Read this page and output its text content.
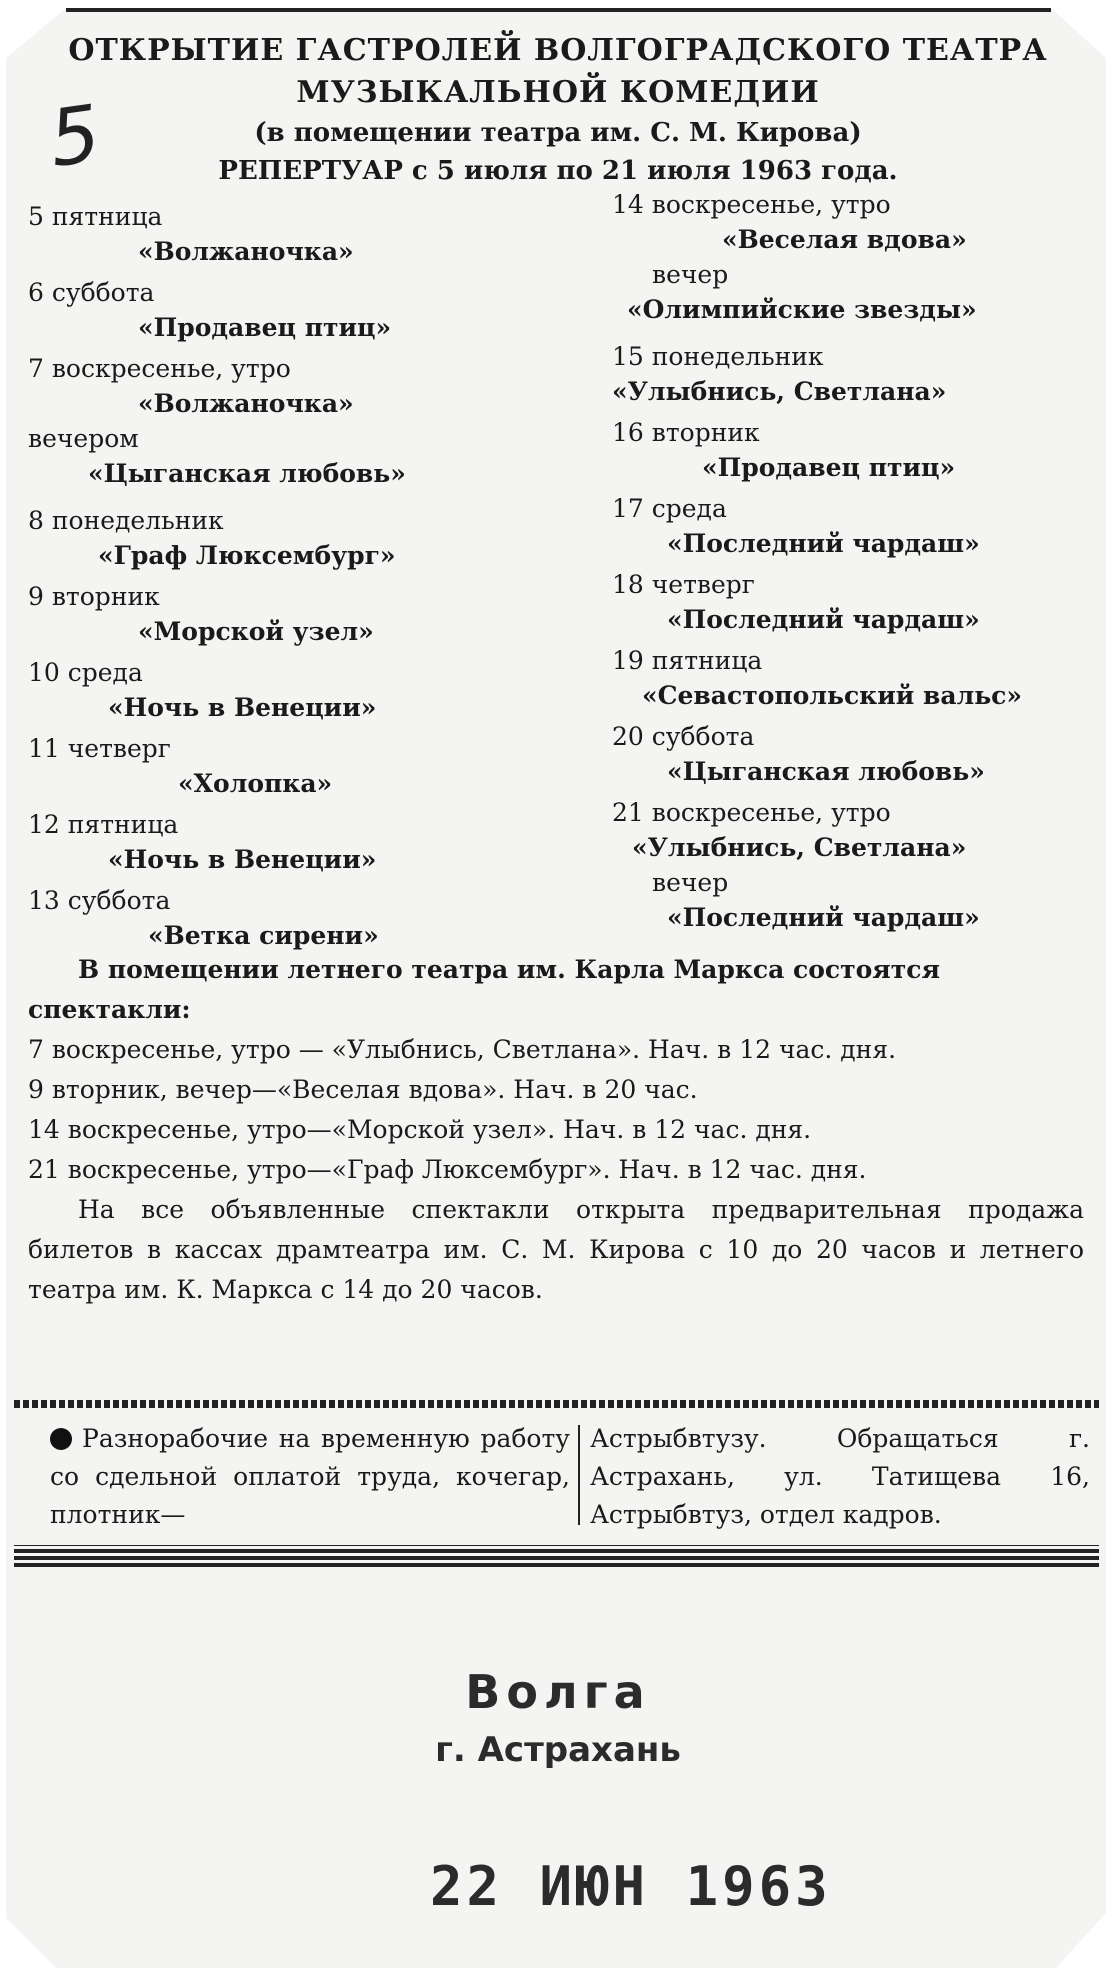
5
ОТКРЫТИЕ ГАСТРОЛЕЙ ВОЛГОГРАДСКОГО ТЕАТРА
МУЗЫКАЛЬНОЙ КОМЕДИИ
(в помещении театра им. С. М. Кирова)
РЕПЕРТУАР с 5 июля по 21 июля 1963 года.
5 пятница
«Волжаночка»
6 суббота
«Продавец птиц»
7 воскресенье, утро
«Волжаночка»
вечером
«Цыганская любовь»
8 понедельник
«Граф Люксембург»
9 вторник
«Морской узел»
10 среда
«Ночь в Венеции»
11 четверг
«Холопка»
12 пятница
«Ночь в Венеции»
13 суббота
«Ветка сирени»
14 воскресенье, утро
«Веселая вдова»
вечер
«Олимпийские звезды»
15 понедельник
«Улыбнись, Светлана»
16 вторник
«Продавец птиц»
17 среда
«Последний чардаш»
18 четверг
«Последний чардаш»
19 пятница
«Севастопольский вальс»
20 суббота
«Цыганская любовь»
21 воскресенье, утро
«Улыбнись, Светлана»
вечер
«Последний чардаш»

В помещении летнего театра им. Карла Маркса состоятся спектакли:

7 воскресенье, утро — «Улыбнись, Светлана». Нач. в 12 час. дня.

9 вторник, вечер—«Веселая вдова». Нач. в 20 час.

14 воскресенье, утро—«Морской узел». Нач. в 12 час. дня.

21 воскресенье, утро—«Граф Люксембург». Нач. в 12 час. дня.

На все объявленные спектакли открыта предварительная продажа билетов в кассах драмтеатра им. С. М. Кирова с 10 до 20 часов и летнего театра им. К. Маркса с 14 до 20 часов.

Разнорабочие на временную работу со сдельной оплатой труда, кочегар, плотник—
Астрыбвтузу. Обращаться г. Астрахань, ул. Татищева 16, Астрыбвтуз, отдел кадров.
Волга
г. Астрахань
22 ИЮН 1963
